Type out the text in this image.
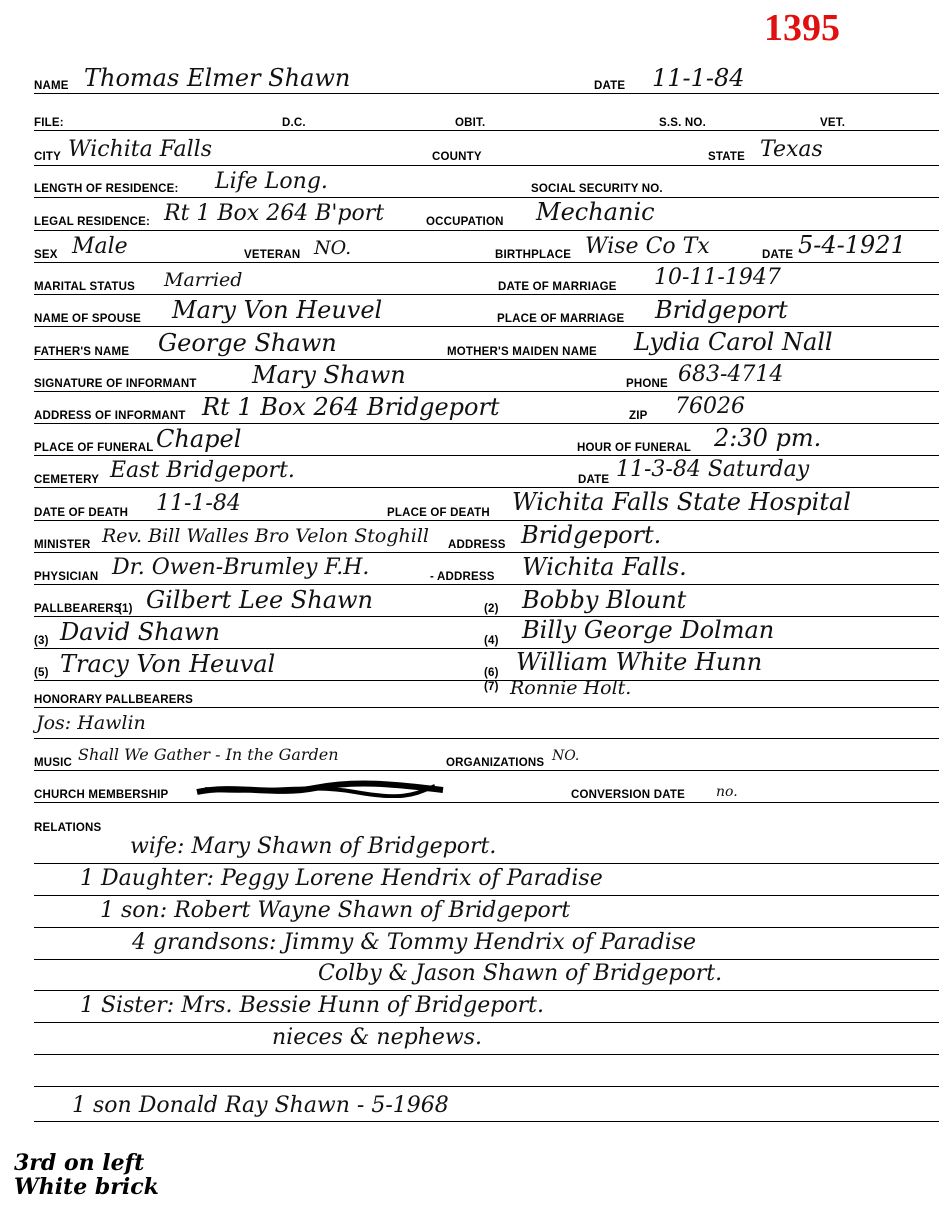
1395
NAME Thomas Elmer Shawn	DATE 11-1-84
FILE:	D.C.	OBIT.	S.S. NO.	VET.
CITY Wichita Falls	COUNTY	STATE Texas
LENGTH OF RESIDENCE: Life Long.	SOCIAL SECURITY NO.
LEGAL RESIDENCE: Rt 1 Box 264 B'port	OCCUPATION Mechanic
SEX Male	VETERAN NO.	BIRTHPLACE Wise Co Tx	DATE 5-4-1921
MARITAL STATUS Married	DATE OF MARRIAGE 10-11-1947
NAME OF SPOUSE Mary Von Heuvel	PLACE OF MARRIAGE Bridgeport
FATHER'S NAME George Shawn	MOTHER'S MAIDEN NAME Lydia Carol Nall
SIGNATURE OF INFORMANT Mary Shawn	PHONE 683-4714
ADDRESS OF INFORMANT Rt 1 Box 264 Bridgeport	ZIP 76026
PLACE OF FUNERAL Chapel	HOUR OF FUNERAL 2:30 pm.
CEMETERY East Bridgeport.	DATE 11-3-84 Saturday
DATE OF DEATH 11-1-84	PLACE OF DEATH Wichita Falls State Hospital
MINISTER Rev. Bill Walles Bro Velon Stoghill ADDRESS Bridgeport.
PHYSICIAN Dr. Owen-Brumley F.H.	- ADDRESS Wichita Falls.
PALLBEARERS
(1) Gilbert Lee Shawn	(2) Bobby Blount
(3) David Shawn	(4) Billy George Dolman
(5) Tracy Von Heuval	(6) William White Hunn
(7) Ronnie Holt.
HONORARY PALLBEARERS
Jos: Hawlin
MUSIC Shall We Gather - In the Garden	ORGANIZATIONS NO.
CHURCH MEMBERSHIP	CONVERSION DATE no.
RELATIONS
wife: Mary Shawn of Bridgeport.
1 Daughter: Peggy Lorene Hendrix of Paradise
1 son: Robert Wayne Shawn of Bridgeport
4 grandsons: Jimmy & Tommy Hendrix of Paradise
Colby & Jason Shawn of Bridgeport.
1 Sister: Mrs. Bessie Hunn of Bridgeport.
nieces & nephews.
1 son Donald Ray Shawn - 5-1968
3rd on left
White brick
